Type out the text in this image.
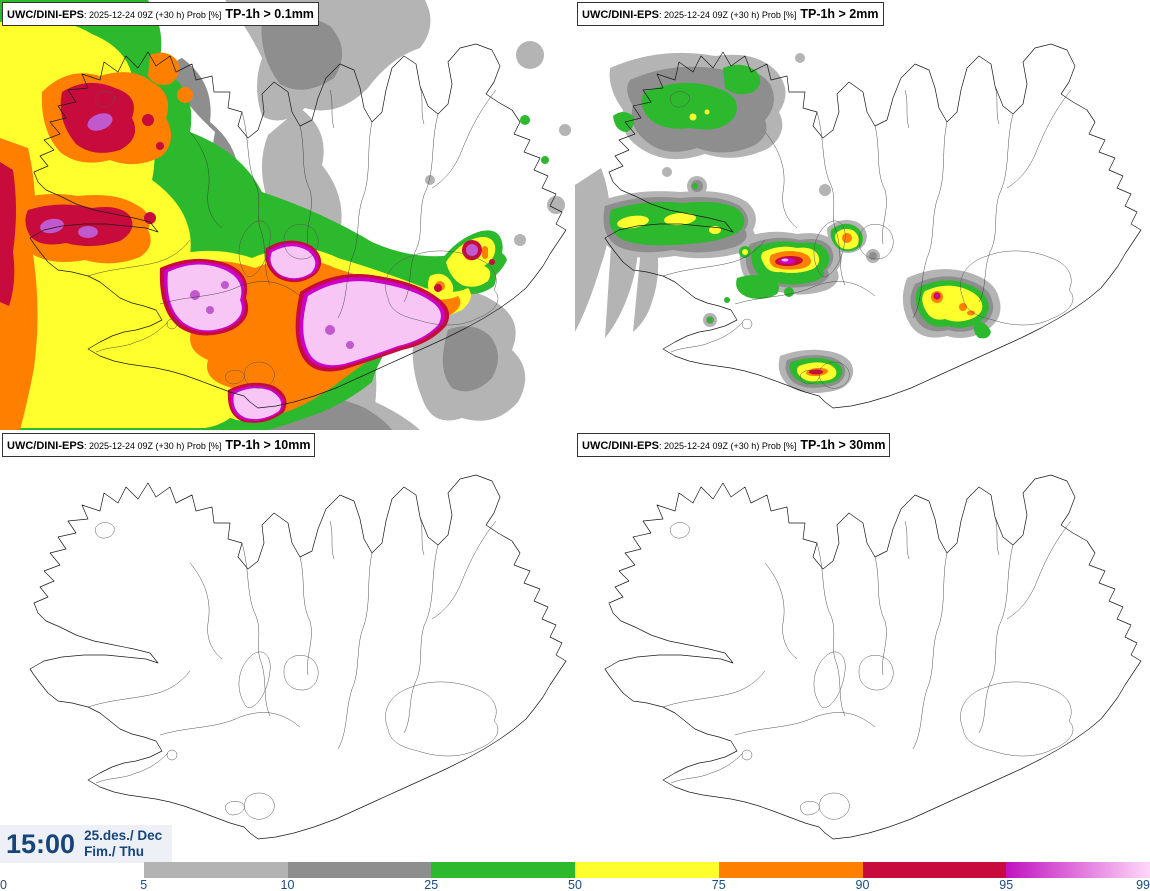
UWC/DINI-EPS: 2025-12-24 09Z (+30 h) Prob [%] TP-1h > 0.1mm	UWC/DINI-EPS: 2025-12-24 09Z (+30 h) Prob [%] TP-1h > 2mm
UWC/DINI-EPS: 2025-12-24 09Z (+30 h) Prob [%] TP-1h > 10mm	UWC/DINI-EPS: 2025-12-24 09Z (+30 h) Prob [%] TP-1h > 30mm
15:00 25.des./ Dec
Fim./ Thu
0	5	10	25	50	75	90	95	99
